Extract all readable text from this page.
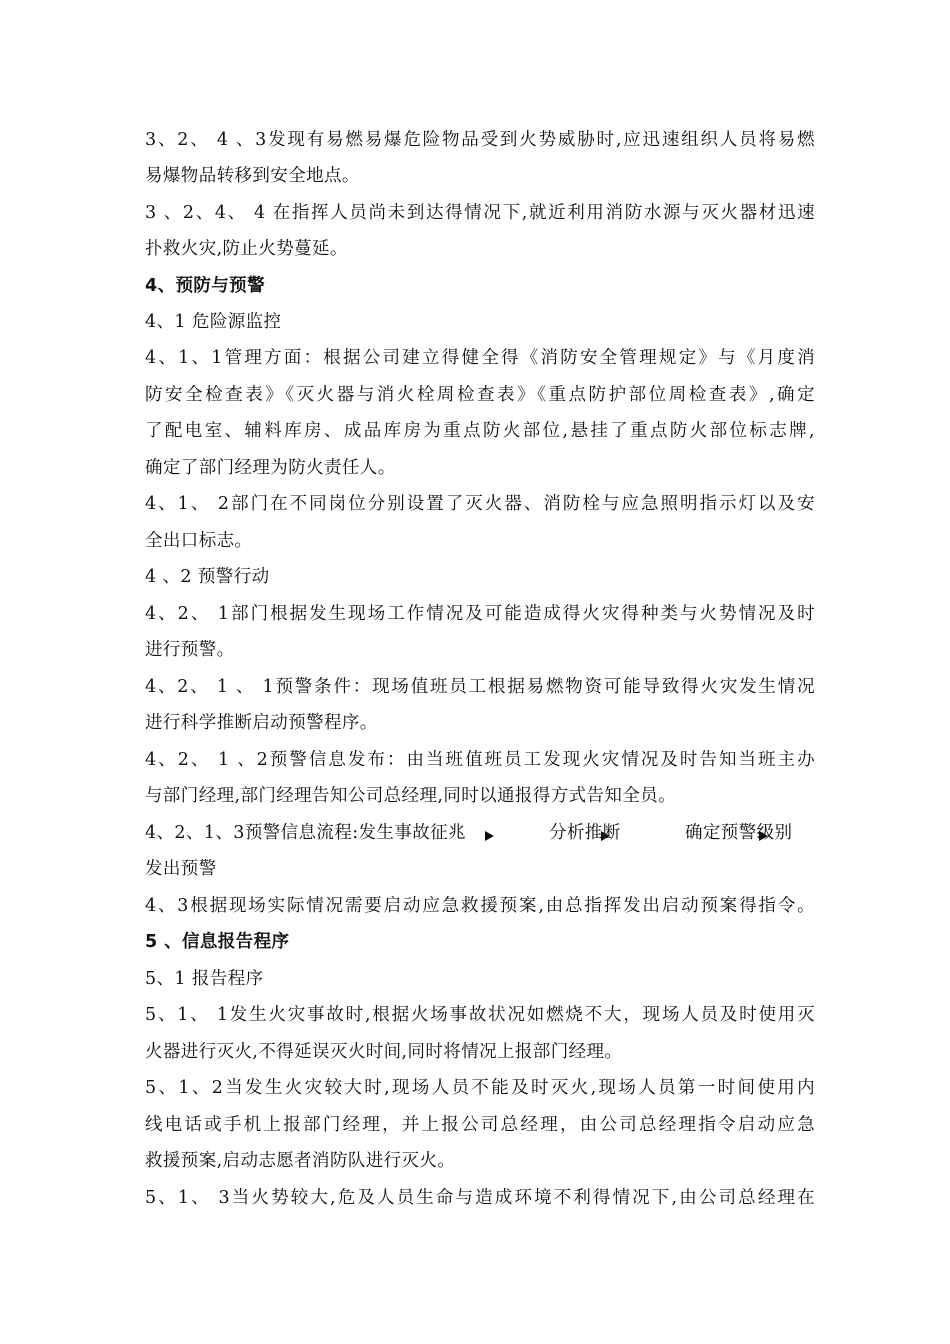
3、2、 4 、3发现有易燃易爆危险物品受到火势威胁时,应迅速组织人员将易燃
易爆物品转移到安全地点。
3 、2、4、 4 在指挥人员尚未到达得情况下,就近利用消防水源与灭火器材迅速
扑救火灾,防止火势蔓延。
4、预防与预警
4、1 危险源监控
4、1、1管理方面：根据公司建立得健全得《消防安全管理规定》与《月度消
防安全检查表》《灭火器与消火栓周检查表》《重点防护部位周检查表》,确定
了配电室、辅料库房、成品库房为重点防火部位,悬挂了重点防火部位标志牌,
确定了部门经理为防火责任人。
4、1、 2部门在不同岗位分别设置了灭火器、消防栓与应急照明指示灯以及安
全出口标志。
4 、2 预警行动
4、2、 1部门根据发生现场工作情况及可能造成得火灾得种类与火势情况及时
进行预警。
4、2、 1 、 1预警条件：现场值班员工根据易燃物资可能导致得火灾发生情况
进行科学推断启动预警程序。
4、2、 1 、2预警信息发布：由当班值班员工发现火灾情况及时告知当班主办
与部门经理,部门经理告知公司总经理,同时以通报得方式告知全员。
4、2、1、3预警信息流程:发生事故征兆	分析推断	确定预警级别
发出预警
4、3根据现场实际情况需要启动应急救援预案,由总指挥发出启动预案得指令。
5 、信息报告程序
5、1 报告程序
5、1、 1发生火灾事故时,根据火场事故状况如燃烧不大，现场人员及时使用灭
火器进行灭火,不得延误灭火时间,同时将情况上报部门经理。
5、1、2当发生火灾较大时,现场人员不能及时灭火,现场人员第一时间使用内
线电话或手机上报部门经理，并上报公司总经理，由公司总经理指令启动应急
救援预案,启动志愿者消防队进行灭火。
5、1、 3当火势较大,危及人员生命与造成环境不利得情况下,由公司总经理在
